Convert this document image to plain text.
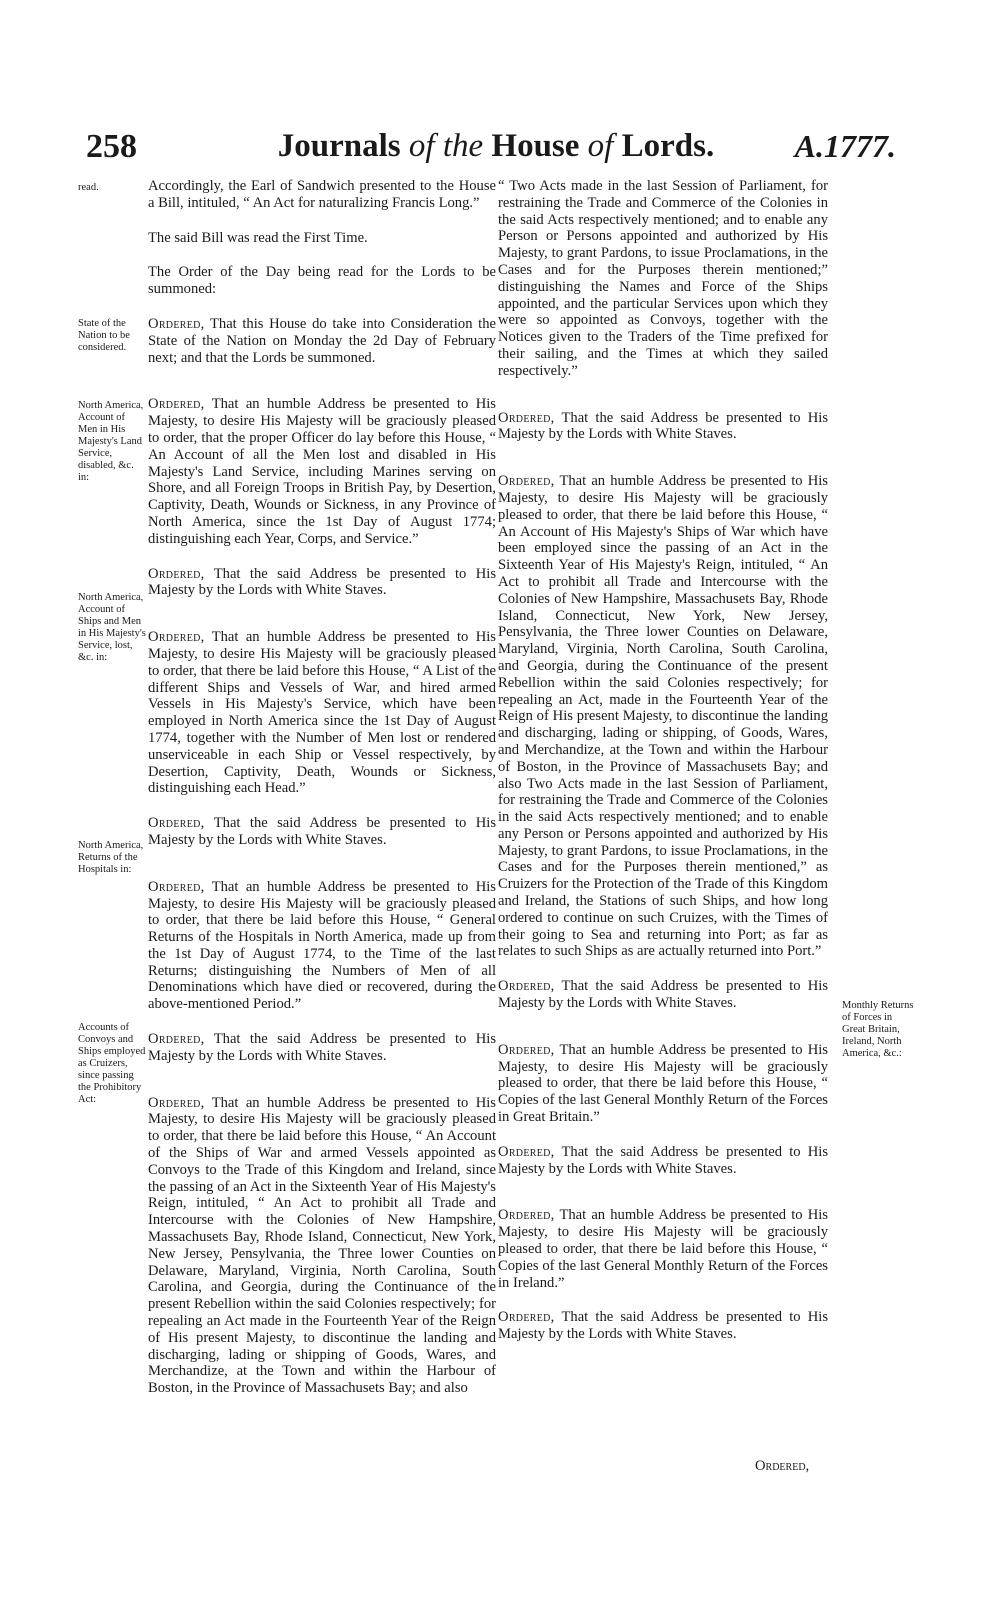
258	Journals of the House of Lords.	A.1777.

read.
State of the Nation to be considered.
North America, Account of Men in His Majesty's Land Service, disabled, &c. in:
North America, Account of Ships and Men in His Majesty's Service, lost, &c. in:
North America, Returns of the Hospitals in:
Accounts of Convoys and Ships employed as Cruizers, since passing the Prohibitory Act:
Monthly Returns of Forces in Great Britain, Ireland, North America, &c.:

Accordingly, the Earl of Sandwich presented to the House a Bill, intituled, “ An Act for naturalizing Francis Long.”

The said Bill was read the First Time.

The Order of the Day being read for the Lords to be summoned:

Ordered, That this House do take into Consideration the State of the Nation on Monday the 2d Day of February next; and that the Lords be summoned.

Ordered, That an humble Address be presented to His Majesty, to desire His Majesty will be graciously pleased to order, that the proper Officer do lay before this House, “ An Account of all the Men lost and disabled in His Majesty's Land Service, including Marines serving on Shore, and all Foreign Troops in British Pay, by Desertion, Captivity, Death, Wounds or Sickness, in any Province of North America, since the 1st Day of August 1774; distinguishing each Year, Corps, and Service.”

Ordered, That the said Address be presented to His Majesty by the Lords with White Staves.

Ordered, That an humble Address be presented to His Majesty, to desire His Majesty will be graciously pleased to order, that there be laid before this House, “ A List of the different Ships and Vessels of War, and hired armed Vessels in His Majesty's Service, which have been employed in North America since the 1st Day of August 1774, together with the Number of Men lost or rendered unserviceable in each Ship or Vessel respectively, by Desertion, Captivity, Death, Wounds or Sickness, distinguishing each Head.”

Ordered, That the said Address be presented to His Majesty by the Lords with White Staves.

Ordered, That an humble Address be presented to His Majesty, to desire His Majesty will be graciously pleased to order, that there be laid before this House, “ General Returns of the Hospitals in North America, made up from the 1st Day of August 1774, to the Time of the last Returns; distinguishing the Numbers of Men of all Denominations which have died or recovered, during the above-mentioned Period.”

Ordered, That the said Address be presented to His Majesty by the Lords with White Staves.

Ordered, That an humble Address be presented to His Majesty, to desire His Majesty will be graciously pleased to order, that there be laid before this House, “ An Account of the Ships of War and armed Vessels appointed as Convoys to the Trade of this Kingdom and Ireland, since the passing of an Act in the Sixteenth Year of His Majesty's Reign, intituled, “ An Act to prohibit all Trade and Intercourse with the Colonies of New Hampshire, Massachusets Bay, Rhode Island, Connecticut, New York, New Jersey, Pensylvania, the Three lower Counties on Delaware, Maryland, Virginia, North Carolina, South Carolina, and Georgia, during the Continuance of the present Rebellion within the said Colonies respectively; for repealing an Act made in the Fourteenth Year of the Reign of His present Majesty, to discontinue the landing and discharging, lading or shipping of Goods, Wares, and Merchandize, at the Town and within the Harbour of Boston, in the Province of Massachusets Bay; and also

“ Two Acts made in the last Session of Parliament, for restraining the Trade and Commerce of the Colonies in the said Acts respectively mentioned; and to enable any Person or Persons appointed and authorized by His Majesty, to grant Pardons, to issue Proclamations, in the Cases and for the Purposes therein mentioned;” distinguishing the Names and Force of the Ships appointed, and the particular Services upon which they were so appointed as Convoys, together with the Notices given to the Traders of the Time prefixed for their sailing, and the Times at which they sailed respectively.”

Ordered, That the said Address be presented to His Majesty by the Lords with White Staves.

Ordered, That an humble Address be presented to His Majesty, to desire His Majesty will be graciously pleased to order, that there be laid before this House, “ An Account of His Majesty's Ships of War which have been employed since the passing of an Act in the Sixteenth Year of His Majesty's Reign, intituled, “ An Act to prohibit all Trade and Intercourse with the Colonies of New Hampshire, Massachusets Bay, Rhode Island, Connecticut, New York, New Jersey, Pensylvania, the Three lower Counties on Delaware, Maryland, Virginia, North Carolina, South Carolina, and Georgia, during the Continuance of the present Rebellion within the said Colonies respectively; for repealing an Act, made in the Fourteenth Year of the Reign of His present Majesty, to discontinue the landing and discharging, lading or shipping, of Goods, Wares, and Merchandize, at the Town and within the Harbour of Boston, in the Province of Massachusets Bay; and also Two Acts made in the last Session of Parliament, for restraining the Trade and Commerce of the Colonies in the said Acts respectively mentioned; and to enable any Person or Persons appointed and authorized by His Majesty, to grant Pardons, to issue Proclamations, in the Cases and for the Purposes therein mentioned,” as Cruizers for the Protection of the Trade of this Kingdom and Ireland, the Stations of such Ships, and how long ordered to continue on such Cruizes, with the Times of their going to Sea and returning into Port; as far as relates to such Ships as are actually returned into Port.”

Ordered, That the said Address be presented to His Majesty by the Lords with White Staves.

Ordered, That an humble Address be presented to His Majesty, to desire His Majesty will be graciously pleased to order, that there be laid before this House, “ Copies of the last General Monthly Return of the Forces in Great Britain.”

Ordered, That the said Address be presented to His Majesty by the Lords with White Staves.

Ordered, That an humble Address be presented to His Majesty, to desire His Majesty will be graciously pleased to order, that there be laid before this House, “ Copies of the last General Monthly Return of the Forces in Ireland.”

Ordered, That the said Address be presented to His Majesty by the Lords with White Staves.

Ordered,
